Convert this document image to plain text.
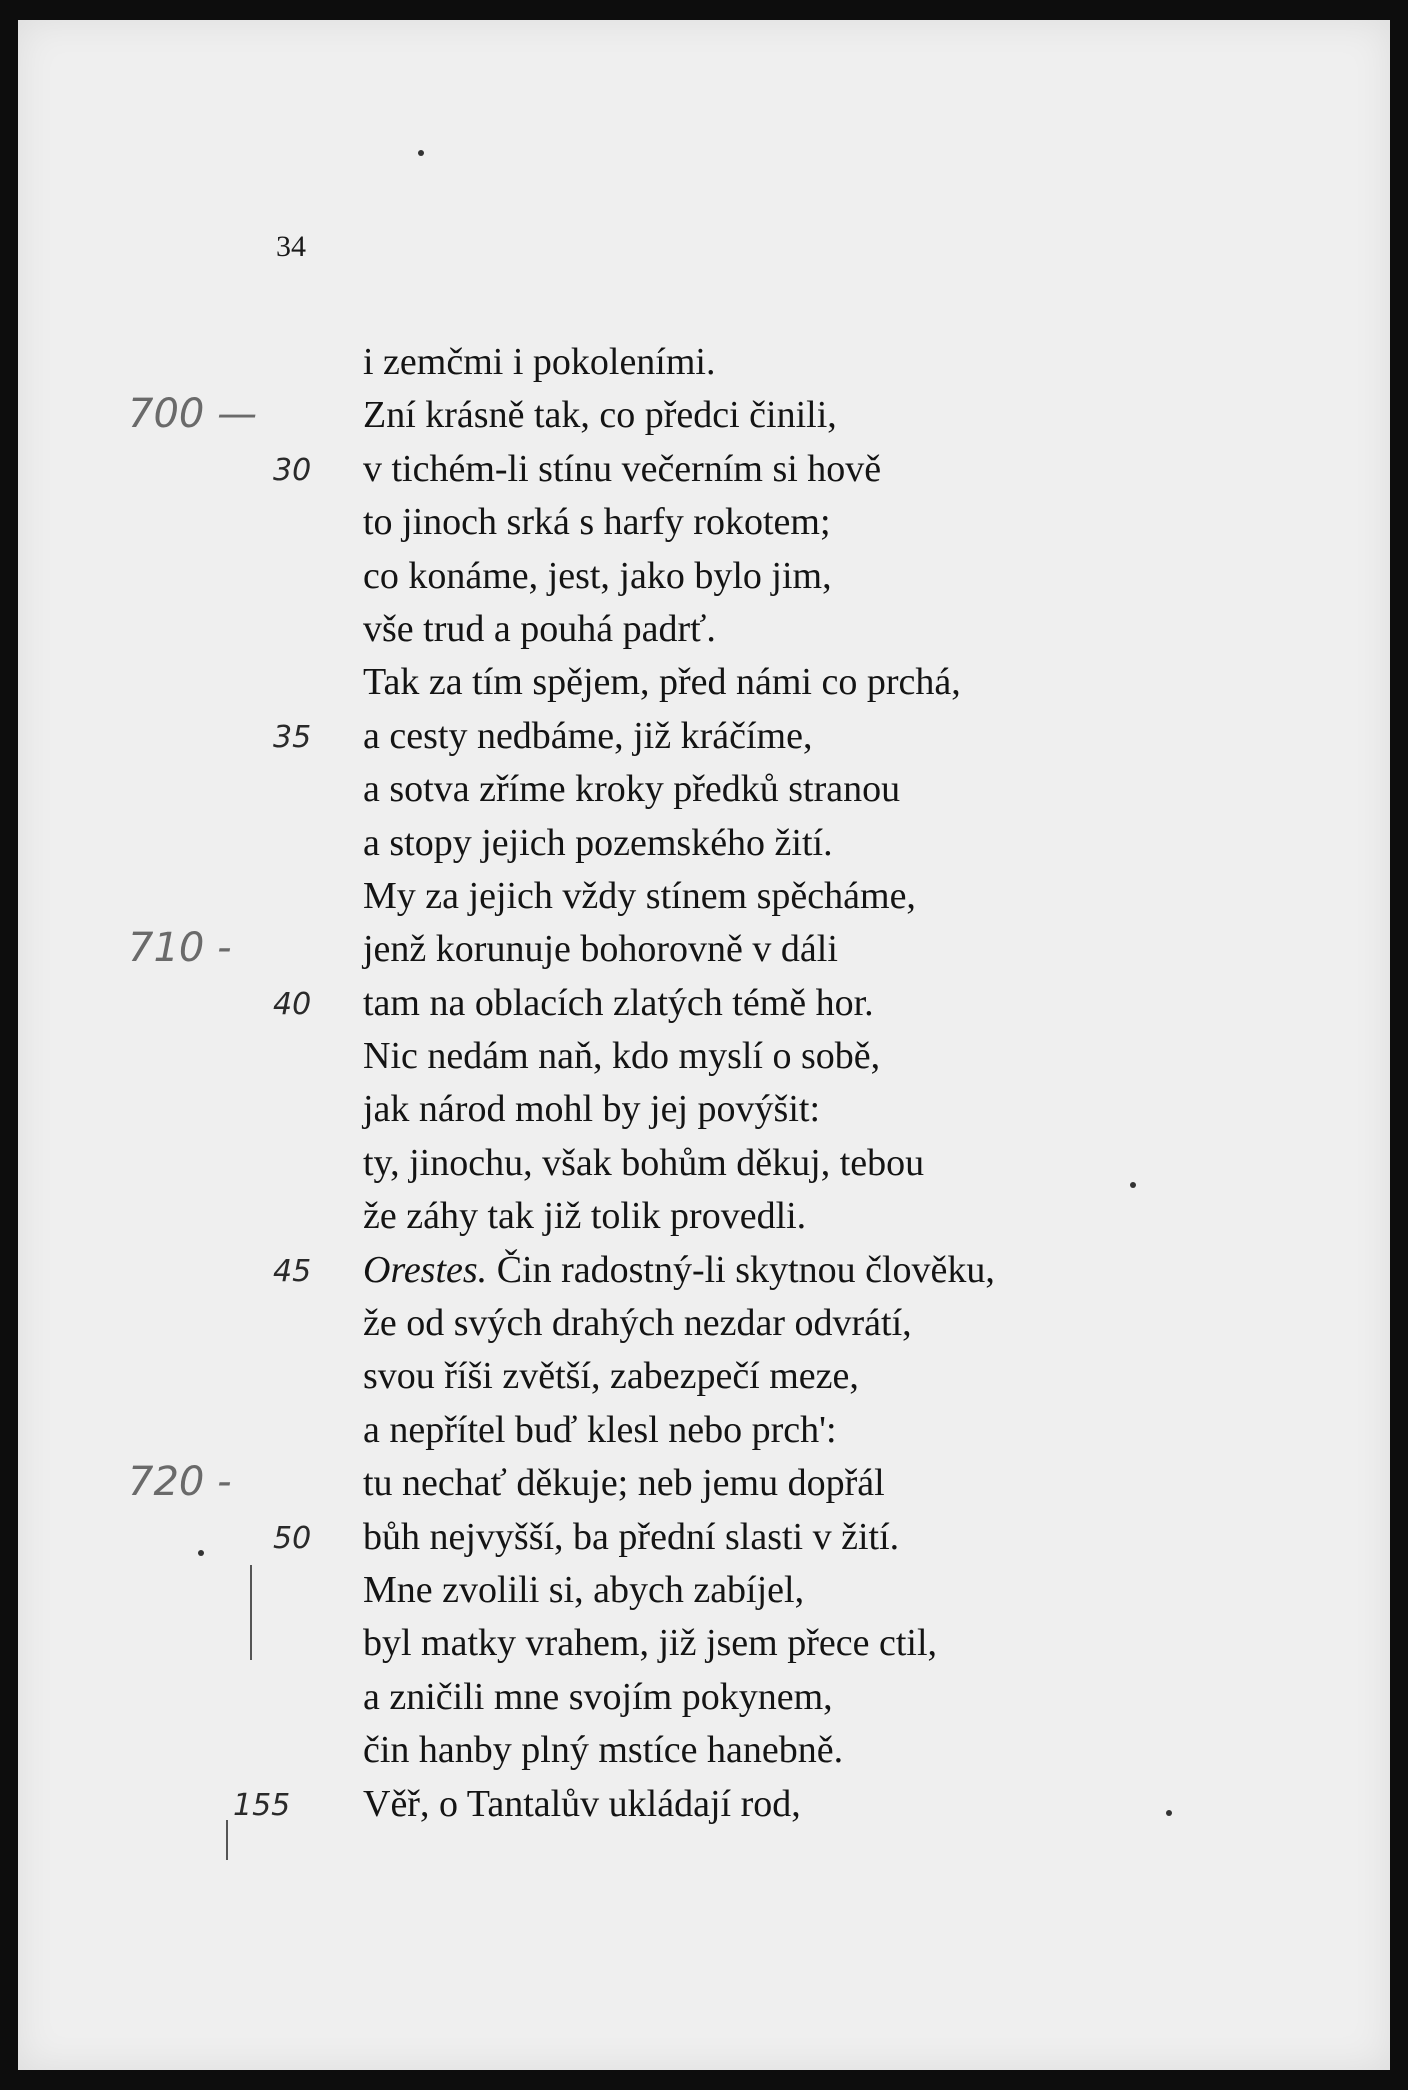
34
i zemčmi i pokoleními.
Zní krásně tak, co předci činili,
v tichém-li stínu večerním si hově
to jinoch srká s harfy rokotem;
co konáme, jest, jako bylo jim,
vše trud a pouhá padrť.
Tak za tím spějem, před námi co prchá,
a cesty nedbáme, již kráčíme,
a sotva zříme kroky předků stranou
a stopy jejich pozemského žití.
My za jejich vždy stínem spěcháme,
jenž korunuje bohorovně v dáli
tam na oblacích zlatých témě hor.
Nic nedám naň, kdo myslí o sobě,
jak národ mohl by jej povýšit:
ty, jinochu, však bohům děkuj, tebou
že záhy tak již tolik provedli.
Orestes. Čin radostný-li skytnou člověku,
že od svých drahých nezdar odvrátí,
svou říši zvětší, zabezpečí meze,
a nepřítel buď klesl nebo prch':
tu nechať děkuje; neb jemu dopřál
bůh nejvyšší, ba přední slasti v žití.
Mne zvolili si, abych zabíjel,
byl matky vrahem, již jsem přece ctil,
a zničili mne svojím pokynem,
čin hanby plný mstíce hanebně.
Věř, o Tantalův ukládají rod,
700 —
30
35
710 -
40
45
720 -
50
155
